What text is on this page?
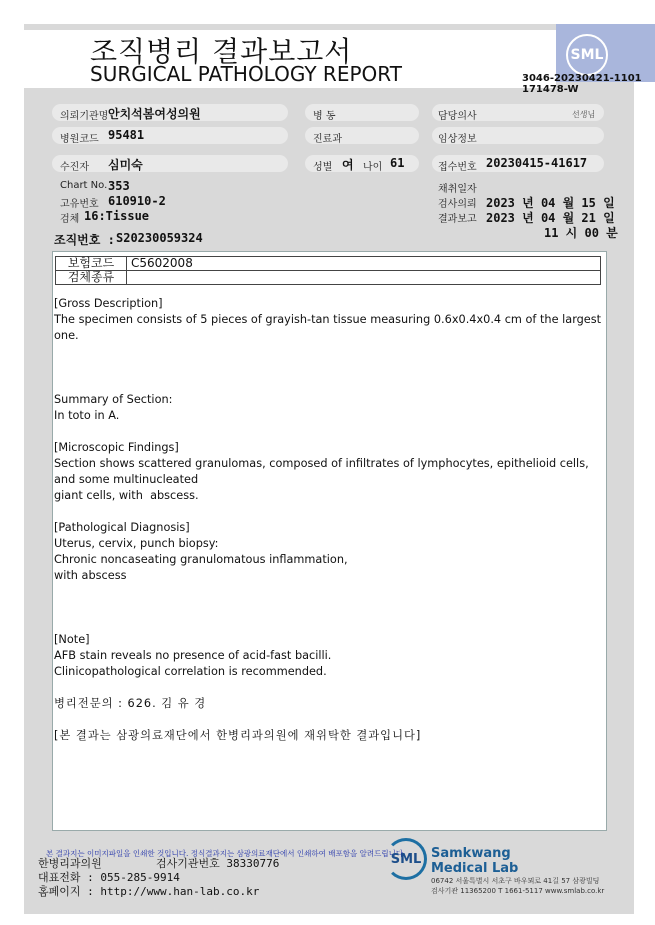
SML
조직병리 결과보고서
SURGICAL PATHOLOGY REPORT	3046-20230421-1101
171478-W
의뢰기관명 안치석봄여성의원	병 동	담당의사	선생님
병원코드 95481	진료과	임상정보
수진자 심미숙	성별 여 나이 61	접수번호 20230415-41617
Chart No. 353
고유번호 610910-2
검체 16:Tissue
채취일자
검사의뢰 2023 년 04 월 15 일
결과보고 2023 년 04 월 21 일
11 시 00 분
조직번호 : S20230059324
보험코드	C5602008
검체종류	

[Gross Description]

The specimen consists of 5 pieces of grayish-tan tissue measuring 0.6x0.4x0.4 cm of the largest one.

Summary of Section:

In toto in A.

[Microscopic Findings]

Section shows scattered granulomas, composed of infiltrates of lymphocytes, epithelioid cells, and some multinucleated

giant cells, with  abscess.

[Pathological Diagnosis]

Uterus, cervix, punch biopsy:

Chronic noncaseating granulomatous inflammation,

with abscess

[Note]

AFB stain reveals no presence of acid-fast bacilli.

Clinicopathological correlation is recommended.

병리전문의 : 626. 김 유 경

[본 결과는 삼광의료재단에서 한병리과의원에 재위탁한 결과입니다]

본 결과지는 이미지파일을 인쇄한 것입니다. 정식결과지는 삼광의료재단에서 인쇄하여 배포함을 알려드립니다.
한병리과의원	검사기관번호 38330776
대표전화 : 055-285-9914
홈페이지 : http://www.han-lab.co.kr
SML Samkwang
Medical Lab
06742 서울특별시 서초구 바우뫼로 41길 57 삼광빌딩
검사기관 11365200 T 1661-5117 www.smlab.co.kr
